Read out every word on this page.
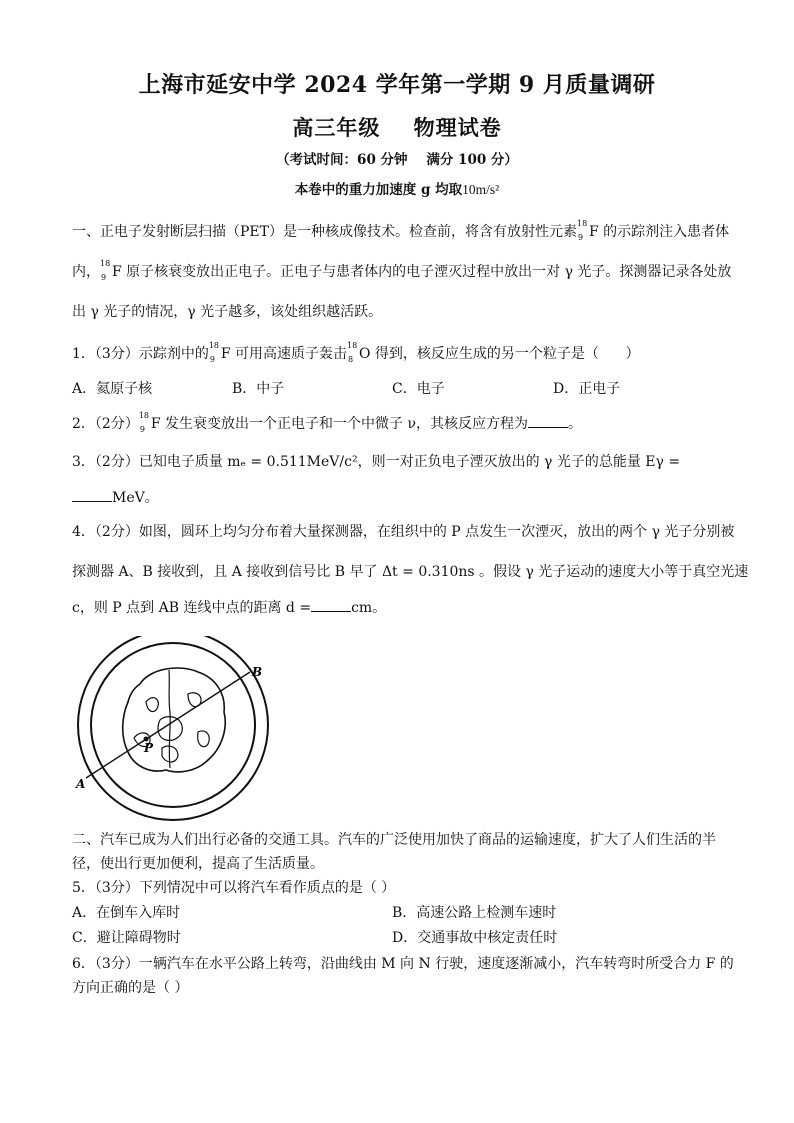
上海市延安中学 2024 学年第一学期 9 月质量调研
高三年级    物理试卷
（考试时间：60 分钟    满分 100 分）
本卷中的重力加速度 g 均取10m/s²
一、正电子发射断层扫描（PET）是一种核成像技术。检查前，将含有放射性元素
18
9 F 的示踪剂注入患者体
内，
18
9 F 原子核衰变放出正电子。正电子与患者体内的电子湮灭过程中放出一对 γ 光子。探测器记录各处放
出 γ 光子的情况，γ 光子越多，该处组织越活跃。
1．（3分）示踪剂中的
18
9 F 可用高速质子轰击
18
8 O 得到，核反应生成的另一个粒子是（      ）
A．氦原子核	B．中子	C．电子	D．正电子
2．（2分）
18
9 F 发生衰变放出一个正电子和一个中微子 ν，其核反应方程为	。
3．（2分）已知电子质量 mₑ = 0.511MeV/c²，则一对正负电子湮灭放出的 γ 光子的总能量 Eγ =
MeV。
4．（2分）如图，圆环上均匀分布着大量探测器，在组织中的 P 点发生一次湮灭，放出的两个 γ 光子分别被
探测器 A、B 接收到，且 A 接收到信号比 B 早了 Δt = 0.310ns 。假设 γ 光子运动的速度大小等于真空光速
c，则 P 点到 AB 连线中点的距离 d =	cm。
A
B
P
二、汽车已成为人们出行必备的交通工具。汽车的广泛使用加快了商品的运输速度，扩大了人们生活的半
径，使出行更加便利，提高了生活质量。
5．（3分）下列情况中可以将汽车看作质点的是（ ）
A．在倒车入库时	B．高速公路上检测车速时
C．避让障碍物时	D．交通事故中核定责任时
6．（3分）一辆汽车在水平公路上转弯，沿曲线由 M 向 N 行驶，速度逐渐减小，汽车转弯时所受合力 F 的
方向正确的是（ ）
